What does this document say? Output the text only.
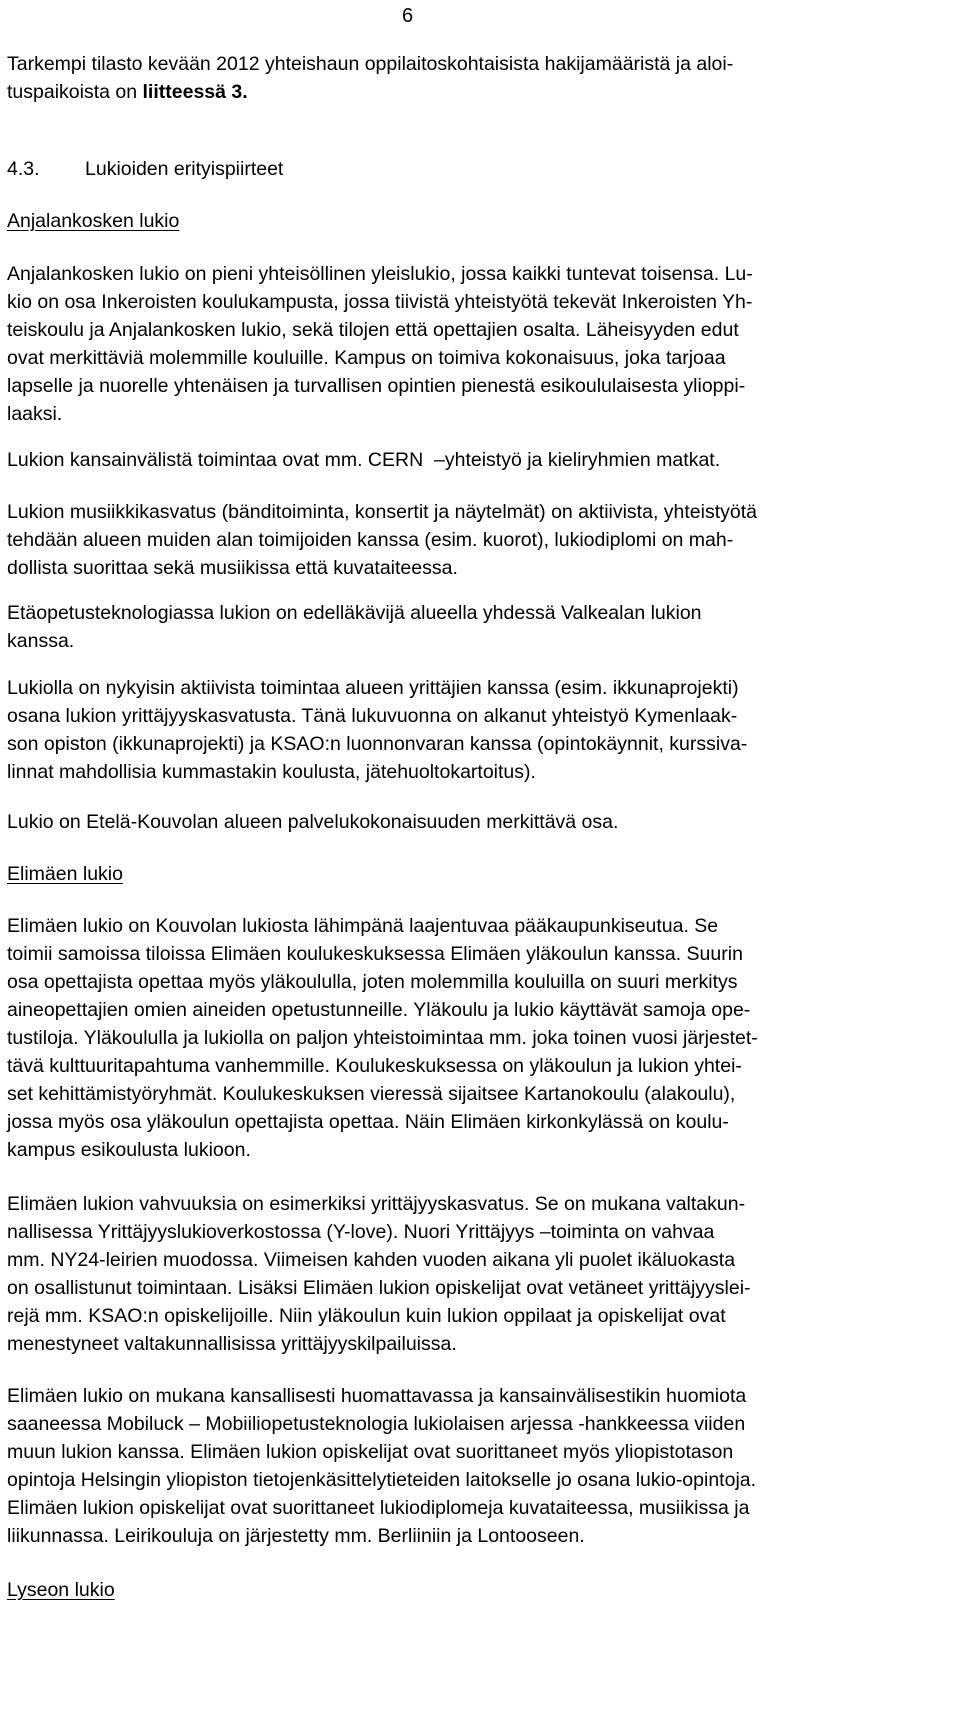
6
Tarkempi tilasto kevään 2012 yhteishaun oppilaitoskohtaisista hakijamääristä ja aloi-
tuspaikoista on liitteessä 3.
4.3. Lukioiden erityispiirteet
Anjalankosken lukio
Anjalankosken lukio on pieni yhteisöllinen yleislukio, jossa kaikki tuntevat toisensa. Lu-
kio on osa Inkeroisten koulukampusta, jossa tiivistä yhteistyötä tekevät Inkeroisten Yh-
teiskoulu ja Anjalankosken lukio, sekä tilojen että opettajien osalta. Läheisyyden edut
ovat merkittäviä molemmille kouluille. Kampus on toimiva kokonaisuus, joka tarjoaa
lapselle ja nuorelle yhtenäisen ja turvallisen opintien pienestä esikoululaisesta ylioppi-
laaksi.
Lukion kansainvälistä toimintaa ovat mm. CERN  –yhteistyö ja kieliryhmien matkat.
Lukion musiikkikasvatus (bänditoiminta, konsertit ja näytelmät) on aktiivista, yhteistyötä
tehdään alueen muiden alan toimijoiden kanssa (esim. kuorot), lukiodiplomi on mah-
dollista suorittaa sekä musiikissa että kuvataiteessa.
Etäopetusteknologiassa lukion on edelläkävijä alueella yhdessä Valkealan lukion
kanssa.
Lukiolla on nykyisin aktiivista toimintaa alueen yrittäjien kanssa (esim. ikkunaprojekti)
osana lukion yrittäjyyskasvatusta. Tänä lukuvuonna on alkanut yhteistyö Kymenlaak-
son opiston (ikkunaprojekti) ja KSAO:n luonnonvaran kanssa (opintokäynnit, kurssiva-
linnat mahdollisia kummastakin koulusta, jätehuoltokartoitus).
Lukio on Etelä-Kouvolan alueen palvelukokonaisuuden merkittävä osa.
Elimäen lukio
Elimäen lukio on Kouvolan lukiosta lähimpänä laajentuvaa pääkaupunkiseutua. Se
toimii samoissa tiloissa Elimäen koulukeskuksessa Elimäen yläkoulun kanssa. Suurin
osa opettajista opettaa myös yläkoululla, joten molemmilla kouluilla on suuri merkitys
aineopettajien omien aineiden opetustunneille. Yläkoulu ja lukio käyttävät samoja ope-
tustiloja. Yläkoululla ja lukiolla on paljon yhteistoimintaa mm. joka toinen vuosi järjestet-
tävä kulttuuritapahtuma vanhemmille. Koulukeskuksessa on yläkoulun ja lukion yhtei-
set kehittämistyöryhmät. Koulukeskuksen vieressä sijaitsee Kartanokoulu (alakoulu),
jossa myös osa yläkoulun opettajista opettaa. Näin Elimäen kirkonkylässä on koulu-
kampus esikoulusta lukioon.
Elimäen lukion vahvuuksia on esimerkiksi yrittäjyyskasvatus. Se on mukana valtakun-
nallisessa Yrittäjyyslukioverkostossa (Y-love). Nuori Yrittäjyys –toiminta on vahvaa
mm. NY24-leirien muodossa. Viimeisen kahden vuoden aikana yli puolet ikäluokasta
on osallistunut toimintaan. Lisäksi Elimäen lukion opiskelijat ovat vetäneet yrittäjyyslei-
rejä mm. KSAO:n opiskelijoille. Niin yläkoulun kuin lukion oppilaat ja opiskelijat ovat
menestyneet valtakunnallisissa yrittäjyyskilpailuissa.
Elimäen lukio on mukana kansallisesti huomattavassa ja kansainvälisestikin huomiota
saaneessa Mobiluck – Mobiiliopetusteknologia lukiolaisen arjessa -hankkeessa viiden
muun lukion kanssa. Elimäen lukion opiskelijat ovat suorittaneet myös yliopistotason
opintoja Helsingin yliopiston tietojenkäsittelytieteiden laitokselle jo osana lukio-opintoja.
Elimäen lukion opiskelijat ovat suorittaneet lukiodiplomeja kuvataiteessa, musiikissa ja
liikunnassa. Leirikouluja on järjestetty mm. Berliiniin ja Lontooseen.
Lyseon lukio
